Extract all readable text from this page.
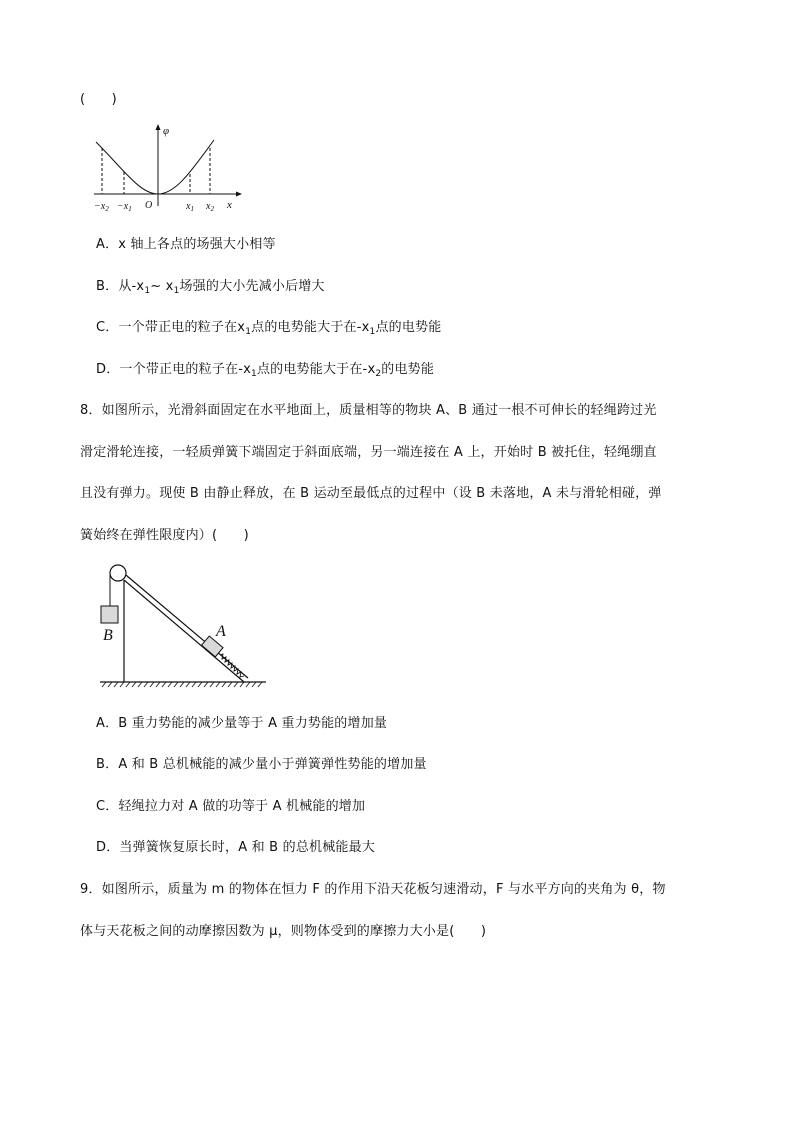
(　　)
φ
x
$-x_2 -x_1$ O	$x_1$ $x_2$
A．x 轴上各点的场强大小相等
B．从$-x_1\sim$ $x_1$场强的大小先减小后增大
C．一个带正电的粒子在$x_1$点的电势能大于在$-x_1$点的电势能
D．一个带正电的粒子在$-x_1$点的电势能大于在$-x_2$的电势能
8．如图所示，光滑斜面固定在水平地面上，质量相等的物块 A、B 通过一根不可伸长的轻绳跨过光
滑定滑轮连接，一轻质弹簧下端固定于斜面底端，另一端连接在 A 上，开始时 B 被托住，轻绳绷直
且没有弹力。现使 B 由静止释放，在 B 运动至最低点的过程中（设 B 未落地，A 未与滑轮相碰，弹
簧始终在弹性限度内）(　　)
B	A
A．B 重力势能的减少量等于 A 重力势能的增加量
B．A 和 B 总机械能的减少量小于弹簧弹性势能的增加量
C．轻绳拉力对 A 做的功等于 A 机械能的增加
D．当弹簧恢复原长时，A 和 B 的总机械能最大
9．如图所示，质量为 m 的物体在恒力 F 的作用下沿天花板匀速滑动，F 与水平方向的夹角为 θ，物
体与天花板之间的动摩擦因数为 μ，则物体受到的摩擦力大小是(　　)
